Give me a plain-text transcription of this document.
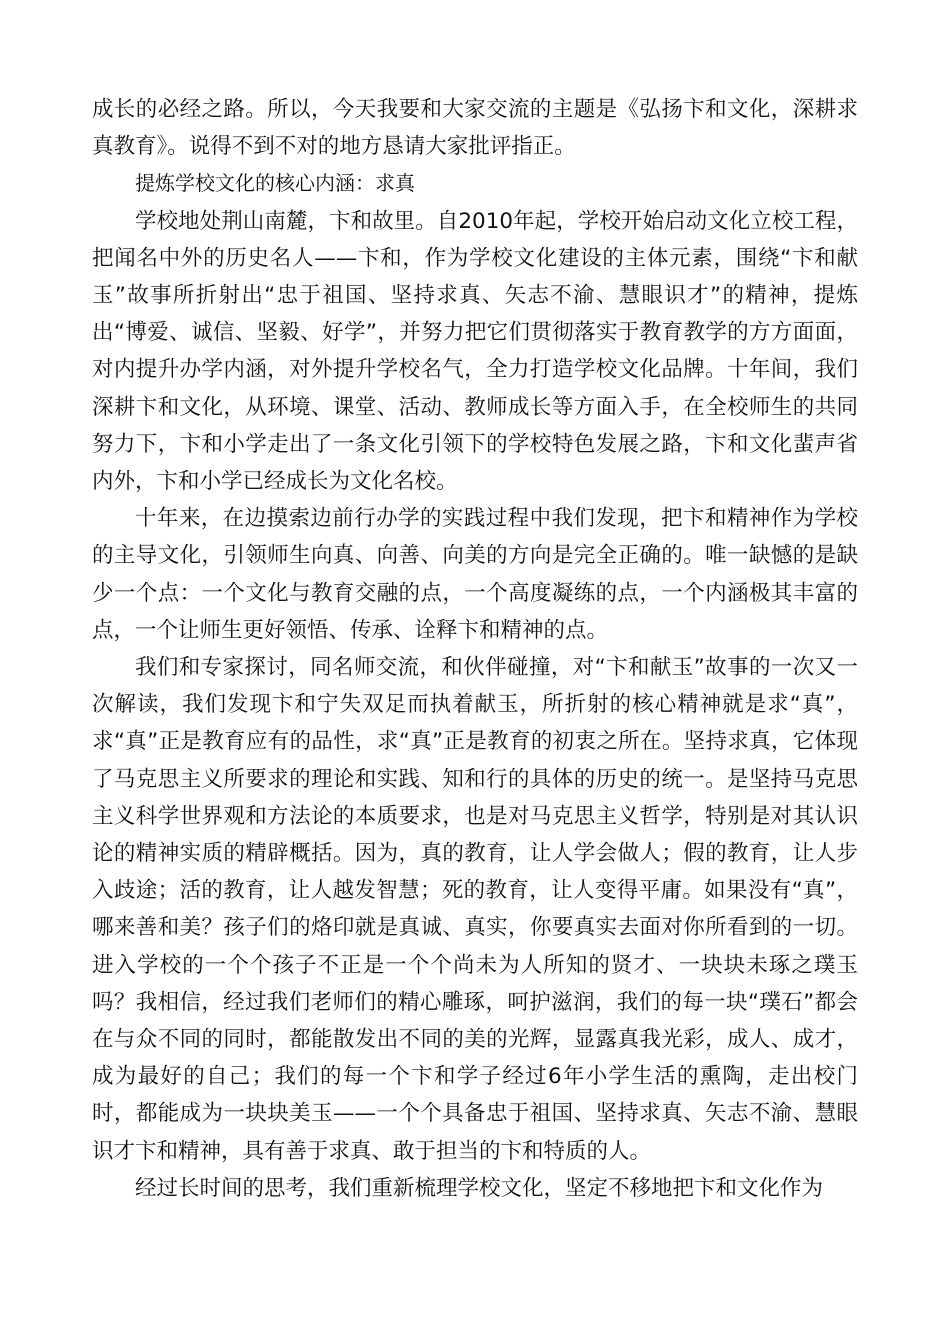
成长的必经之路。所以，今天我要和大家交流的主题是《弘扬卞和文化，深耕求真教育》。说得不到不对的地方恳请大家批评指正。

提炼学校文化的核心内涵：求真

学校地处荆山南麓，卞和故里。自2010年起，学校开始启动文化立校工程，把闻名中外的历史名人——卞和，作为学校文化建设的主体元素，围绕“卞和献玉”故事所折射出“忠于祖国、坚持求真、矢志不渝、慧眼识才”的精神，提炼出“博爱、诚信、坚毅、好学”，并努力把它们贯彻落实于教育教学的方方面面，对内提升办学内涵，对外提升学校名气，全力打造学校文化品牌。十年间，我们深耕卞和文化，从环境、课堂、活动、教师成长等方面入手，在全校师生的共同努力下，卞和小学走出了一条文化引领下的学校特色发展之路，卞和文化蜚声省内外，卞和小学已经成长为文化名校。

十年来，在边摸索边前行办学的实践过程中我们发现，把卞和精神作为学校的主导文化，引领师生向真、向善、向美的方向是完全正确的。唯一缺憾的是缺少一个点：一个文化与教育交融的点，一个高度凝练的点，一个内涵极其丰富的点，一个让师生更好领悟、传承、诠释卞和精神的点。

我们和专家探讨，同名师交流，和伙伴碰撞，对“卞和献玉”故事的一次又一次解读，我们发现卞和宁失双足而执着献玉，所折射的核心精神就是求“真”，求“真”正是教育应有的品性，求“真”正是教育的初衷之所在。坚持求真，它体现了马克思主义所要求的理论和实践、知和行的具体的历史的统一。是坚持马克思主义科学世界观和方法论的本质要求，也是对马克思主义哲学，特别是对其认识论的精神实质的精辟概括。因为，真的教育，让人学会做人；假的教育，让人步入歧途；活的教育，让人越发智慧；死的教育，让人变得平庸。如果没有“真”，哪来善和美？孩子们的烙印就是真诚、真实，你要真实去面对你所看到的一切。进入学校的一个个孩子不正是一个个尚未为人所知的贤才、一块块未琢之璞玉吗？我相信，经过我们老师们的精心雕琢，呵护滋润，我们的每一块“璞石”都会在与众不同的同时，都能散发出不同的美的光辉，显露真我光彩，成人、成才，成为最好的自己；我们的每一个卞和学子经过6年小学生活的熏陶，走出校门时，都能成为一块块美玉——一个个具备忠于祖国、坚持求真、矢志不渝、慧眼识才卞和精神，具有善于求真、敢于担当的卞和特质的人。

经过长时间的思考，我们重新梳理学校文化，坚定不移地把卞和文化作为
